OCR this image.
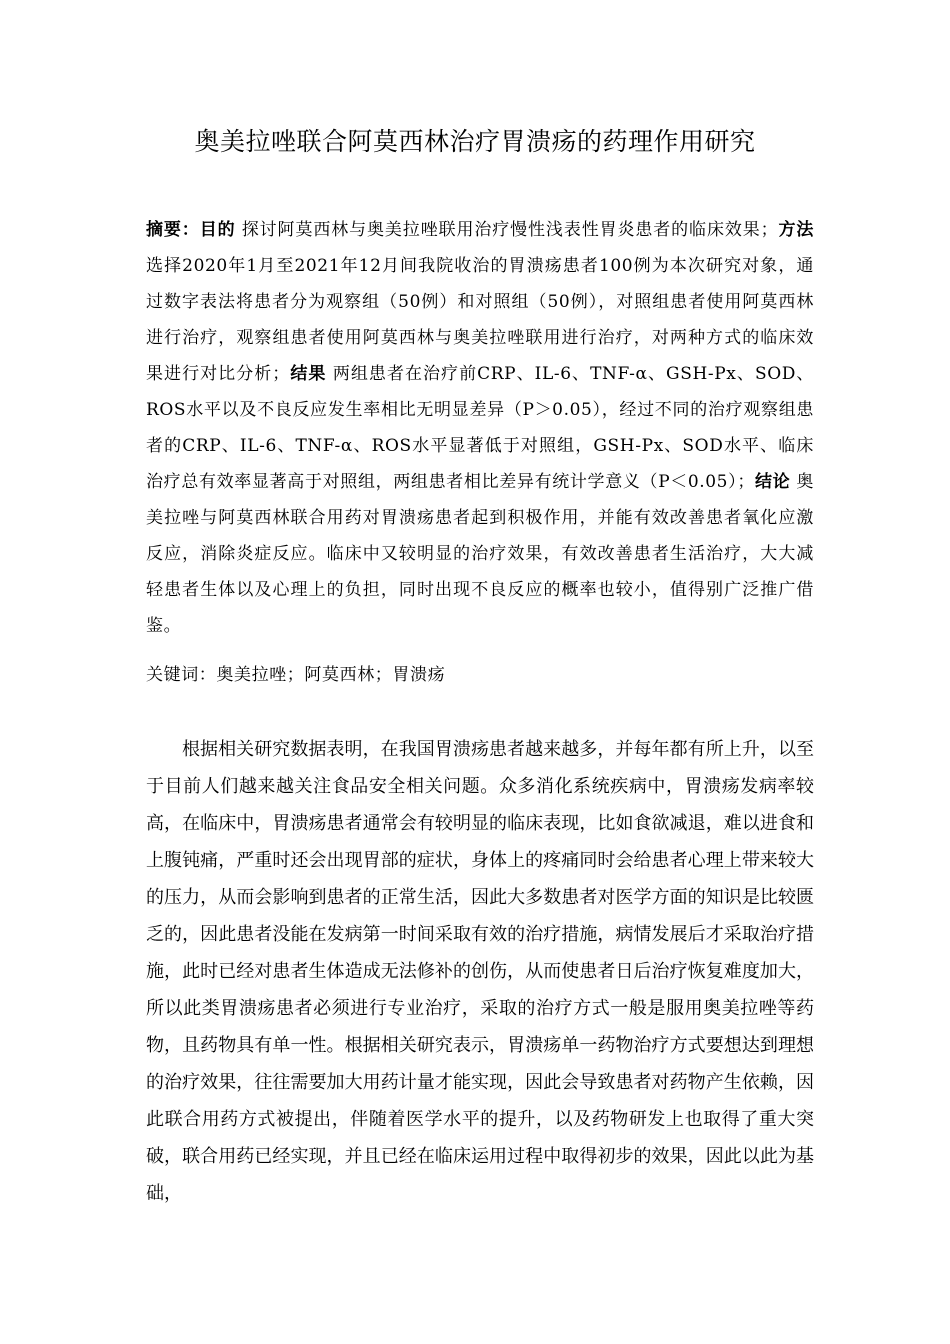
奥美拉唑联合阿莫西林治疗胃溃疡的药理作用研究

摘要：目的 探讨阿莫西林与奥美拉唑联用治疗慢性浅表性胃炎患者的临床效果；方法 选择2020年1月至2021年12月间我院收治的胃溃疡患者100例为本次研究对象，通过数字表法将患者分为观察组（50例）和对照组（50例），对照组患者使用阿莫西林进行治疗，观察组患者使用阿莫西林与奥美拉唑联用进行治疗，对两种方式的临床效果进行对比分析；结果 两组患者在治疗前CRP、IL-6、TNF-α、GSH-Px、SOD、ROS水平以及不良反应发生率相比无明显差异（P＞0.05），经过不同的治疗观察组患者的CRP、IL-6、TNF-α、ROS水平显著低于对照组，GSH-Px、SOD水平、临床治疗总有效率显著高于对照组，两组患者相比差异有统计学意义（P＜0.05）；结论 奥美拉唑与阿莫西林联合用药对胃溃疡患者起到积极作用，并能有效改善患者氧化应激反应，消除炎症反应。临床中又较明显的治疗效果，有效改善患者生活治疗，大大减轻患者生体以及心理上的负担，同时出现不良反应的概率也较小，值得别广泛推广借鉴。

关键词：奥美拉唑；阿莫西林；胃溃疡

根据相关研究数据表明，在我国胃溃疡患者越来越多，并每年都有所上升，以至于目前人们越来越关注食品安全相关问题。众多消化系统疾病中，胃溃疡发病率较高，在临床中，胃溃疡患者通常会有较明显的临床表现，比如食欲减退，难以进食和上腹钝痛，严重时还会出现胃部的症状，身体上的疼痛同时会给患者心理上带来较大的压力，从而会影响到患者的正常生活，因此大多数患者对医学方面的知识是比较匮乏的，因此患者没能在发病第一时间采取有效的治疗措施，病情发展后才采取治疗措施，此时已经对患者生体造成无法修补的创伤，从而使患者日后治疗恢复难度加大，所以此类胃溃疡患者必须进行专业治疗，采取的治疗方式一般是服用奥美拉唑等药物，且药物具有单一性。根据相关研究表示，胃溃疡单一药物治疗方式要想达到理想的治疗效果，往往需要加大用药计量才能实现，因此会导致患者对药物产生依赖，因此联合用药方式被提出，伴随着医学水平的提升，以及药物研发上也取得了重大突破，联合用药已经实现，并且已经在临床运用过程中取得初步的效果，因此以此为基础，
